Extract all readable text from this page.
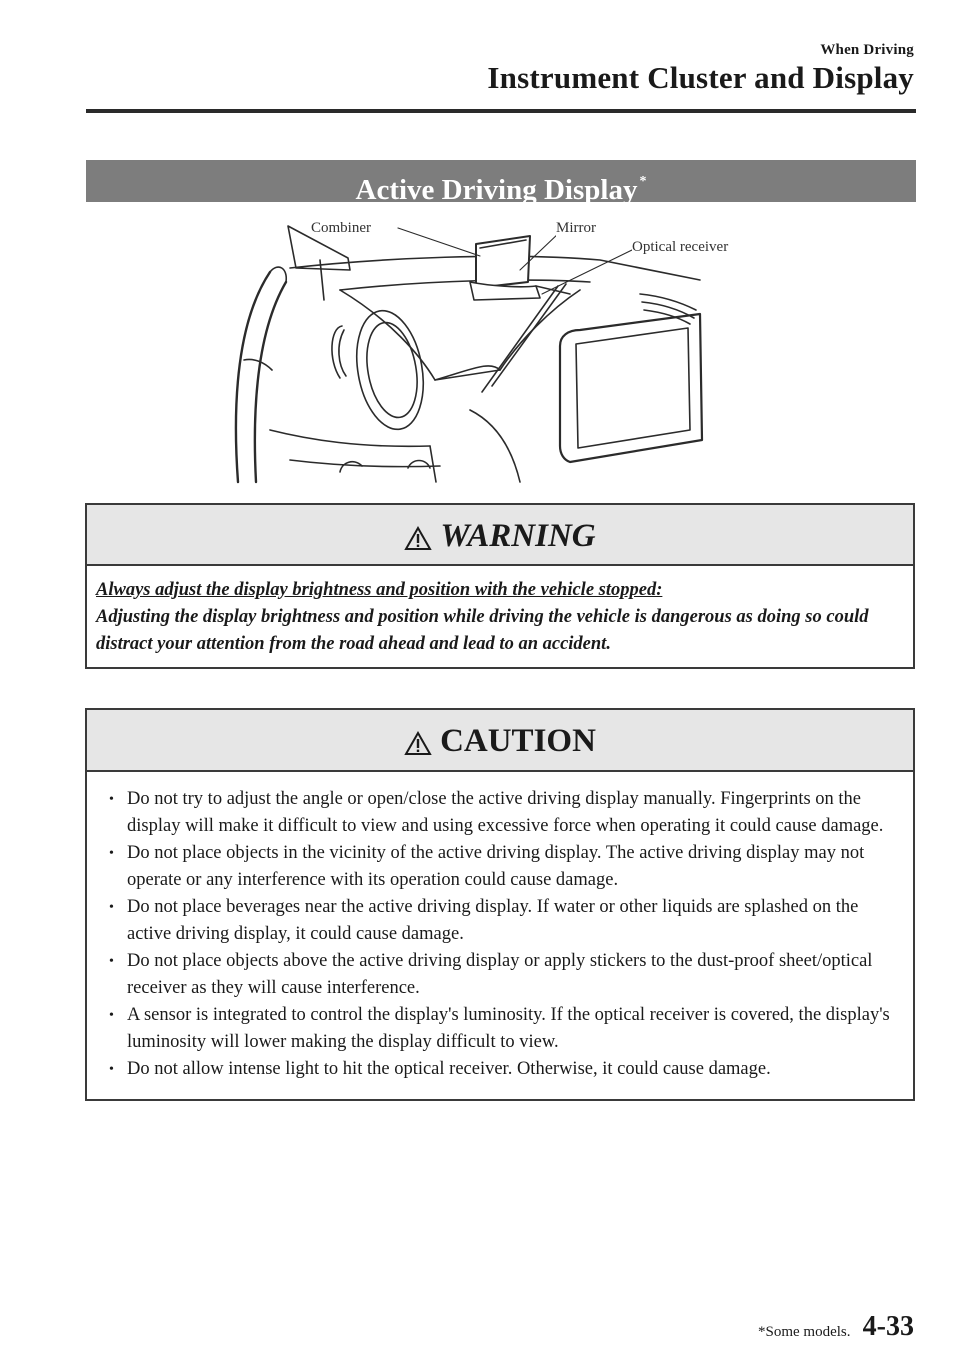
When Driving
Instrument Cluster and Display
Active Driving Display *
Combiner	Mirror
Optical receiver
WARNING
Always adjust the display brightness and position with the vehicle stopped:
Adjusting the display brightness and position while driving the vehicle is dangerous as doing so could distract your attention from the road ahead and lead to an accident.
CAUTION
• Do not try to adjust the angle or open/close the active driving display manually. Fingerprints on the display will make it difficult to view and using excessive force when operating it could cause damage.
• Do not place objects in the vicinity of the active driving display. The active driving display may not operate or any interference with its operation could cause damage.
• Do not place beverages near the active driving display. If water or other liquids are splashed on the active driving display, it could cause damage.
• Do not place objects above the active driving display or apply stickers to the dust-proof sheet/optical receiver as they will cause interference.
• A sensor is integrated to control the display's luminosity. If the optical receiver is covered, the display's luminosity will lower making the display difficult to view.
• Do not allow intense light to hit the optical receiver. Otherwise, it could cause damage.
*Some models. 4-33
